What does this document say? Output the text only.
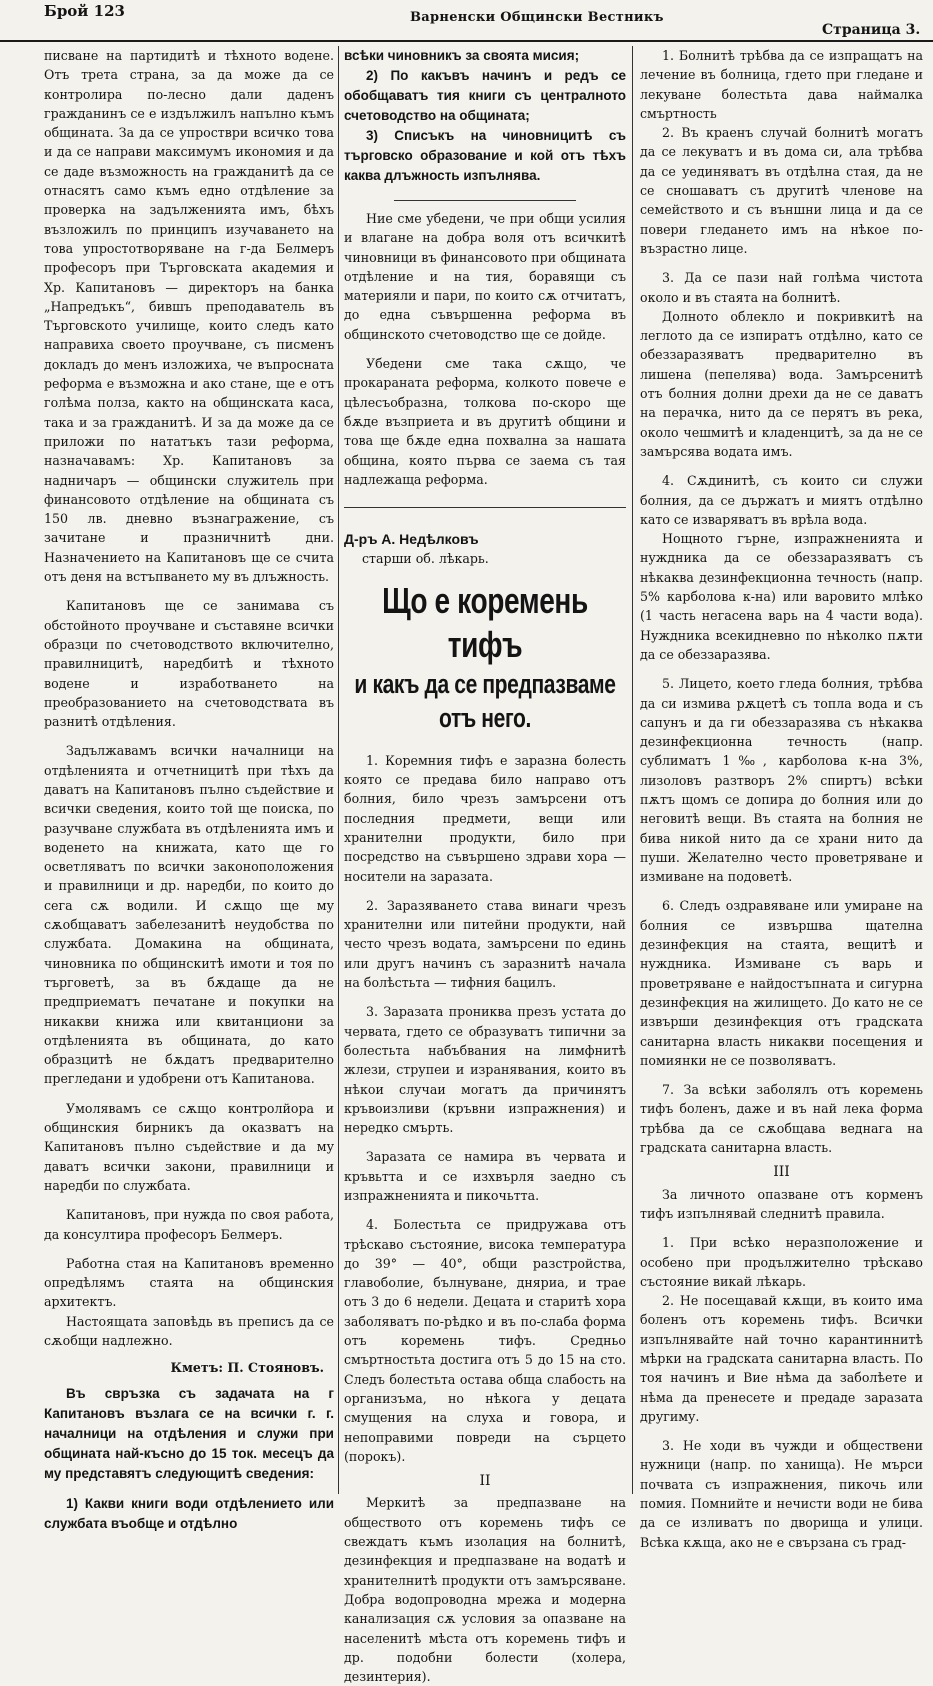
Брой 123	Варненски Общински Вестникъ
Страница 3.

писване на партидитѣ и тѣхното водене. Отъ трета страна, за да може да се контролира по-лесно дали даденъ гражданинъ се е издължилъ напълно къмъ общината. За да се упростври всичко това и да се направи максимумъ икономия и да се даде възможность на гражданитѣ да се отнасятъ само къмъ едно отдѣление за проверка на задълженията имъ, бѣхъ възложилъ по принципъ изучаването на това упростотворяване на г-да Белмеръ професоръ при Търговската академия и Хр. Капитановъ — директоръ на банка „Напредъкъ“, бившъ преподаватель въ Търговското училище, които следъ като направиха своето проучване, съ писменъ докладъ до менъ изложиха, че въпросната реформа е възможна и ако стане, ще е отъ голѣма полза, както на общинската каса, така и за гражданитѣ. И за да може да се приложи по нататъкъ тази реформа, назначавамъ: Хр. Капитановъ за надничаръ — общински служитель при финансовото отдѣление на общината съ 150 лв. дневно възнагражение, съ зачитане и празничнитѣ дни. Назначението на Капитановъ ще се счита отъ деня на встъпването му въ длъжность.

Капитановъ ще се занимава съ обстойното проучване и съставяне всички образци по счетоводството включително, правилницитѣ, наредбитѣ и тѣхното водене и изработването на преобразованието на счетоводствата въ разнитѣ отдѣления.

Задължавамъ всички началници на отдѣленията и отчетницитѣ при тѣхъ да даватъ на Капитановъ пълно съдействие и всички сведения, които той ще поиска, по разучване службата въ отдѣленията имъ и воденето на книжата, като ще го осветляватъ по всички законоположения и правилници и др. наредби, по които до сега сѫ водили. И сѫщо ще му сѫобщаватъ забелезанитѣ неудобства по службата. Домакина на общината, чиновника по общинскитѣ имоти и тоя по търговетѣ, за въ бѫдаще да не предприематъ печатане и покупки на никакви книжа или квитанциони за отдѣленията въ общината, до като образцитѣ не бѫдатъ предварително прегледани и удобрени отъ Капитанова.

Умолявамъ се сѫщо контролйора и общинския бирникъ да оказватъ на Капитановъ пълно съдействие и да му даватъ всички закони, правилници и наредби по службата.

Капитановъ, при нужда по своя работа, да консултира професоръ Белмеръ.

Работна стая на Капитановъ временно опредѣлямъ стаята на общинския архитектъ.

Настоящата заповѣдь въ преписъ да се сѫобщи надлежно.

Кметъ: П. Стояновъ.

Въ свръзка съ задачата на г Капитановъ възлага се на всички г. г. началници на отдѣления и служи при общината най-късно до 15 ток. месецъ да му представятъ следующитѣ сведения:

1) Какви книги води отдѣлението или службата въобще и отдѣлно

всѣки чиновникъ за своята мисия;

2) По какъвъ начинъ и редъ се обобщаватъ тия книги съ централното счетоводство на общината;

3) Списъкъ на чиновницитѣ съ търговско образование и кой отъ тѣхъ каква длъжность изпълнява.

Ние сме убедени, че при общи усилия и влагане на добра воля отъ всичкитѣ чиновници въ финансовото при общината отдѣление и на тия, боравящи съ материяли и пари, по които сѫ отчитатъ, до една съвършенна реформа въ общинското счетоводство ще се дойде.

Убедени сме така сѫщо, че прокараната реформа, колкото повече е цѣлесъобразна, толкова по-скоро ще бѫде възприета и въ другитѣ общини и това ще бѫде една похвална за нашата община, която първа се заема съ тая надлежаща реформа.

Д-ръ А. Недѣлковъ

старши об. лѣкарь.

Що е коремень тифъ
и какъ да се предпазваме отъ него.

1. Коремния тифъ е заразна болесть която се предава било направо отъ болния, било чрезъ замърсени отъ последния предмети, вещи или хранителни продукти, било при посредство на съвършено здрави хора — носители на заразата.

2. Заразяването става винаги чрезъ хранителни или питейни продукти, най често чрезъ водата, замърсени по единь или другъ начинъ съ заразнитѣ начала на болѣстьта — тифния бацилъ.

3. Заразата прониква презъ устата до червата, гдето се образуватъ типични за болестьта набъбвания на лимфнитѣ жлези, струпеи и изранявания, които въ нѣкои случаи могатъ да причинятъ кръвоизливи (кръвни изпражнения) и нередко смърть.

Заразата се намира въ червата и кръвьтта и се изхвърля заедно съ изпражненията и пикочьтта.

4. Болестьта се придружава отъ трѣскаво състояние, висока температура до 39° — 40°, общи разстройства, главоболие, бълнуване, дняриа, и трае отъ 3 до 6 недели. Децата и старитѣ хора заболяватъ по-рѣдко и въ по-слаба форма отъ коремень тифъ. Средньо смъртностьта достига отъ 5 до 15 на сто. Следъ болестьта остава обща слабость на организъма, но нѣкога у децата смущения на слуха и говора, и непоправими повреди на сърцето (порокъ).

II

Меркитѣ за предпазване на обществото отъ коремень тифъ се свеждатъ къмъ изолация на болнитѣ, дезинфекция и предпазване на водатѣ и хранителнитѣ продукти отъ замърсяване. Добра водопроводна мрежа и модерна канализация сѫ условия за опазване на населенитѣ мѣста отъ коремень тифъ и др. подобни болести (холера, дезинтерия).

1. Болнитѣ трѣбва да се изпращатъ на лечение въ болница, гдето при гледане и лекуване болестьта дава наймалка смъртность

2. Въ краенъ случай болнитѣ могатъ да се лекуватъ и въ дома си, ала трѣбва да се уединяватъ въ отдѣлна стая, да не се сношаватъ съ другитѣ членове на семейството и съ външни лица и да се повери гледането имъ на нѣкое по-възрастно лице.

3. Да се пази най голѣма чистота около и въ стаята на болнитѣ.

Долното облекло и покривкитѣ на леглото да се изпиратъ отдѣлно, като се обеззаразяватъ предварително въ лишена (пепелява) вода. Замърсенитѣ отъ болния долни дрехи да не се даватъ на перачка, нито да се перятъ въ река, около чешмитѣ и кладенцитѣ, за да не се замърсява водата имъ.

4. Сѫдинитѣ, съ които си служи болния, да се държатъ и миятъ отдѣлно като се изваряватъ въ врѣла вода.

Нощното гърне, изпражненията и нуждника да се обеззаразяватъ съ нѣкаква дезинфекционна течность (напр. 5% карболова к-на) или варовито млѣко (1 часть негасена варь на 4 части вода). Нуждника всекидневно по нѣколко пѫти да се обеззаразява.

5. Лицето, което гледа болния, трѣбва да си измива рѫцетѣ съ топла вода и съ сапунъ и да ги обеззаразява съ нѣкаква дезинфекционна течность (напр. сублиматъ 1‰, карболова к-на 3%, лизоловъ разтворъ 2% спиртъ) всѣки пѫтъ щомъ се допира до болния или до неговитѣ вещи. Въ стаята на болния не бива никой нито да се храни нито да пуши. Желателно често проветряване и измиване на подоветѣ.

6. Следъ оздравяване или умиране на болния се извършва щателна дезинфекция на стаята, вещитѣ и нуждника. Измиване съ варь и проветряване е найдостъпната и сигурна дезинфекция на жилището. До като не се извърши дезинфекция отъ градската санитарна власть никакви посещения и помиянки не се позволяватъ.

7. За всѣки заболялъ отъ коремень тифъ боленъ, даже и въ най лека форма трѣбва да се сѫобщава веднага на градската санитарна власть.

III

За личното опазване отъ корменъ тифъ изпълнявай следнитѣ правила.

1. При всѣко неразположение и особено при продължително трѣскаво състояние викай лѣкарь.

2. Не посещавай кѫщи, въ които има боленъ отъ коремень тифъ. Всички изпълнявайте най точно карантиннитѣ мѣрки на градската санитарна власть. По тоя начинъ и Вие нѣма да заболѣете и нѣма да пренесете и предаде заразата другиму.

3. Не ходи въ чужди и обществени нужници (напр. по ханища). Не мърси почвата съ изпражнения, пикочь или помия. Помнийте и нечисти води не бива да се изливатъ по дворища и улици. Всѣка кѫща, ако не е свързана съ град-
